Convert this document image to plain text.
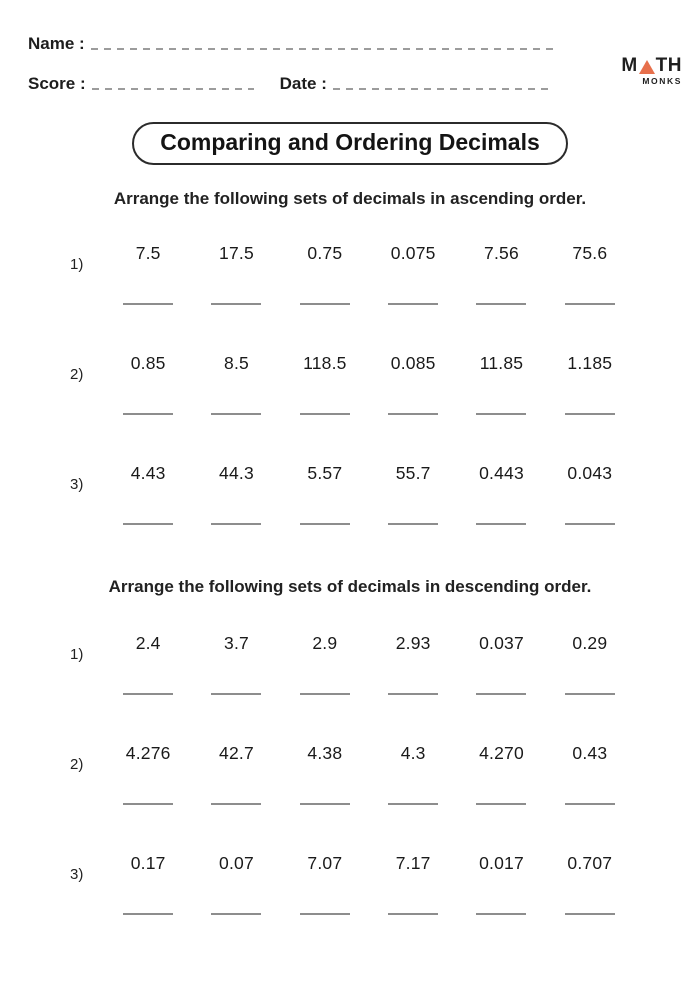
Name :
Score :	Date :
M TH
MONKS
Comparing and Ordering Decimals
Arrange the following sets of decimals in ascending order.
1)
7.5	17.5	0.75	0.075	7.56	75.6
2)
0.85	8.5	118.5	0.085	11.85	1.185
3)
4.43	44.3	5.57	55.7	0.443	0.043
Arrange the following sets of decimals in descending order.
1)
2.4	3.7	2.9	2.93	0.037	0.29
2)
4.276	42.7	4.38	4.3	4.270	0.43
3)
0.17	0.07	7.07	7.17	0.017	0.707
